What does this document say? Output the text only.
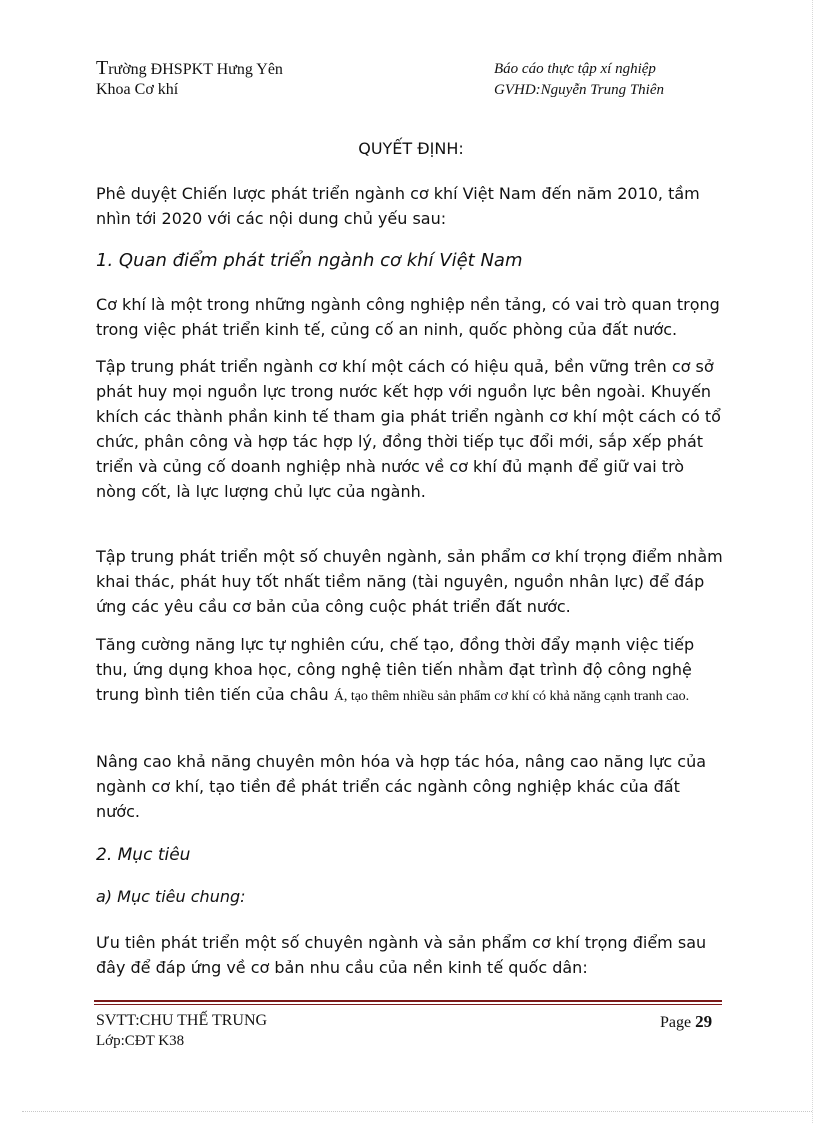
Trường ĐHSPKT Hưng Yên
Khoa Cơ khí
Báo cáo thực tập xí nghiệp
GVHD:Nguyễn Trung Thiên
QUYẾT ĐỊNH:

Phê duyệt Chiến lược phát triển ngành cơ khí Việt Nam đến năm 2010, tầm nhìn tới 2020 với các nội dung chủ yếu sau:

1. Quan điểm phát triển ngành cơ khí Việt Nam

Cơ khí là một trong những ngành công nghiệp nền tảng, có vai trò quan trọng trong việc phát triển kinh tế, củng cố an ninh, quốc phòng của đất nước.

Tập trung phát triển ngành cơ khí một cách có hiệu quả, bền vững trên cơ sở phát huy mọi nguồn lực trong nước kết hợp với nguồn lực bên ngoài. Khuyến khích các thành phần kinh tế tham gia phát triển ngành cơ khí một cách có tổ chức, phân công và hợp tác hợp lý, đồng thời tiếp tục đổi mới, sắp xếp phát triển và củng cố doanh nghiệp nhà nước về cơ khí đủ mạnh để giữ vai trò nòng cốt, là lực lượng chủ lực của ngành.

Tập trung phát triển một số chuyên ngành, sản phẩm cơ khí trọng điểm nhằm khai thác, phát huy tốt nhất tiềm năng (tài nguyên, nguồn nhân lực) để đáp ứng các yêu cầu cơ bản của công cuộc phát triển đất nước.

Tăng cường năng lực tự nghiên cứu, chế tạo, đồng thời đẩy mạnh việc tiếp thu, ứng dụng khoa học, công nghệ tiên tiến nhằm đạt trình độ công nghệ trung bình tiên tiến của châu Á, tạo thêm nhiều sản phẩm cơ khí có khả năng cạnh tranh cao.

Nâng cao khả năng chuyên môn hóa và hợp tác hóa, nâng cao năng lực của ngành cơ khí, tạo tiền đề phát triển các ngành công nghiệp khác của đất nước.

2. Mục tiêu

a) Mục tiêu chung:

Ưu tiên phát triển một số chuyên ngành và sản phẩm cơ khí trọng điểm sau đây để đáp ứng về cơ bản nhu cầu của nền kinh tế quốc dân:

SVTT:CHU THẾ TRUNG
Lớp:CĐT K38
Page 29
